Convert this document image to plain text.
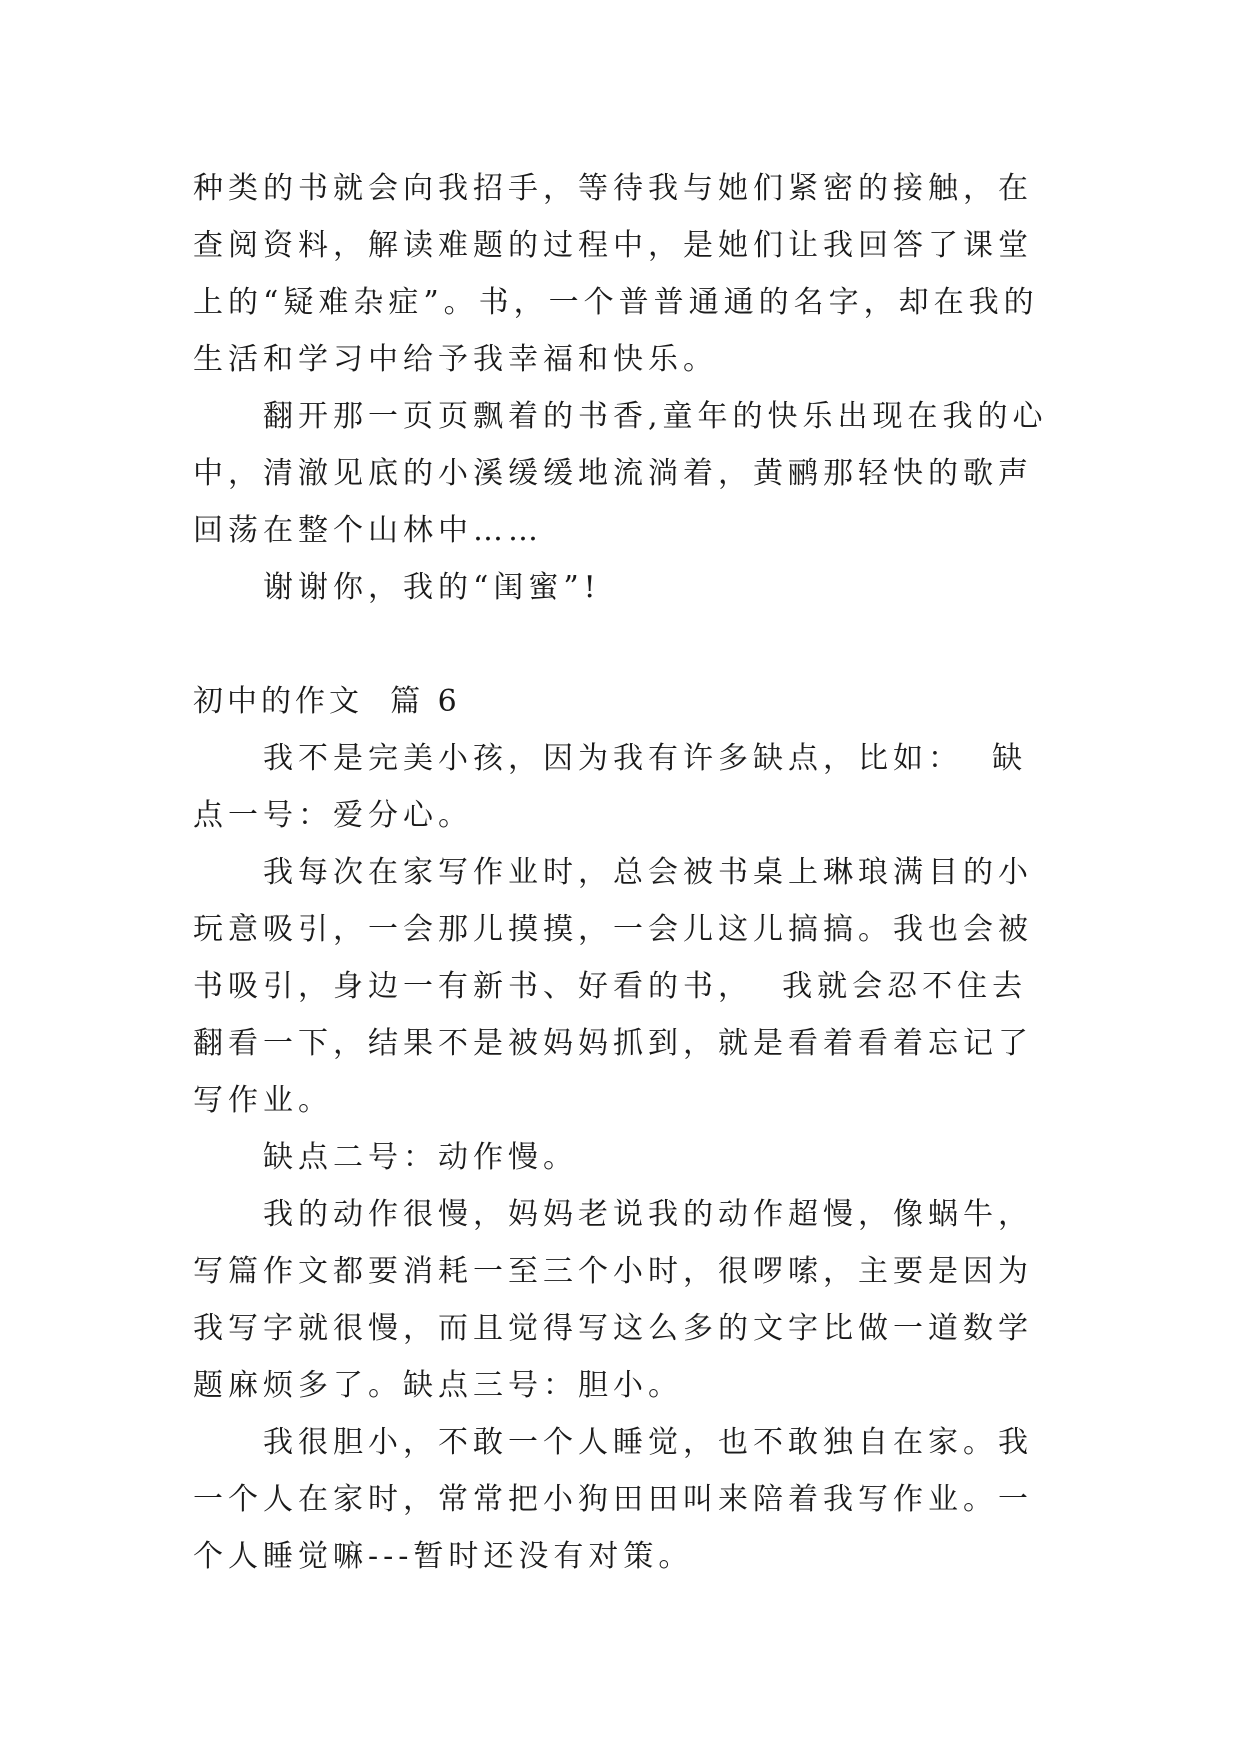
种类的书就会向我招手，等待我与她们紧密的接触，在查阅资料，解读难题的过程中，是她们让我回答了课堂上的“疑难杂症”。书，一个普普通通的名字，却在我的生活和学习中给予我幸福和快乐。

翻开那一页页飘着的书香,童年的快乐出现在我的心中，清澈见底的小溪缓缓地流淌着，黄鹂那轻快的歌声回荡在整个山林中……

谢谢你，我的“闺蜜”!

初中的作文  篇 6

我不是完美小孩，因为我有许多缺点，比如：  缺点一号：爱分心。

我每次在家写作业时，总会被书桌上琳琅满目的小玩意吸引，一会那儿摸摸，一会儿这儿搞搞。我也会被书吸引，身边一有新书、好看的书，  我就会忍不住去翻看一下，结果不是被妈妈抓到，就是看着看着忘记了写作业。

缺点二号：动作慢。

我的动作很慢，妈妈老说我的动作超慢，像蜗牛，写篇作文都要消耗一至三个小时，很啰嗦，主要是因为我写字就很慢，而且觉得写这么多的文字比做一道数学题麻烦多了。缺点三号：胆小。

我很胆小，不敢一个人睡觉，也不敢独自在家。我一个人在家时，常常把小狗田田叫来陪着我写作业。一个人睡觉嘛---暂时还没有对策。
